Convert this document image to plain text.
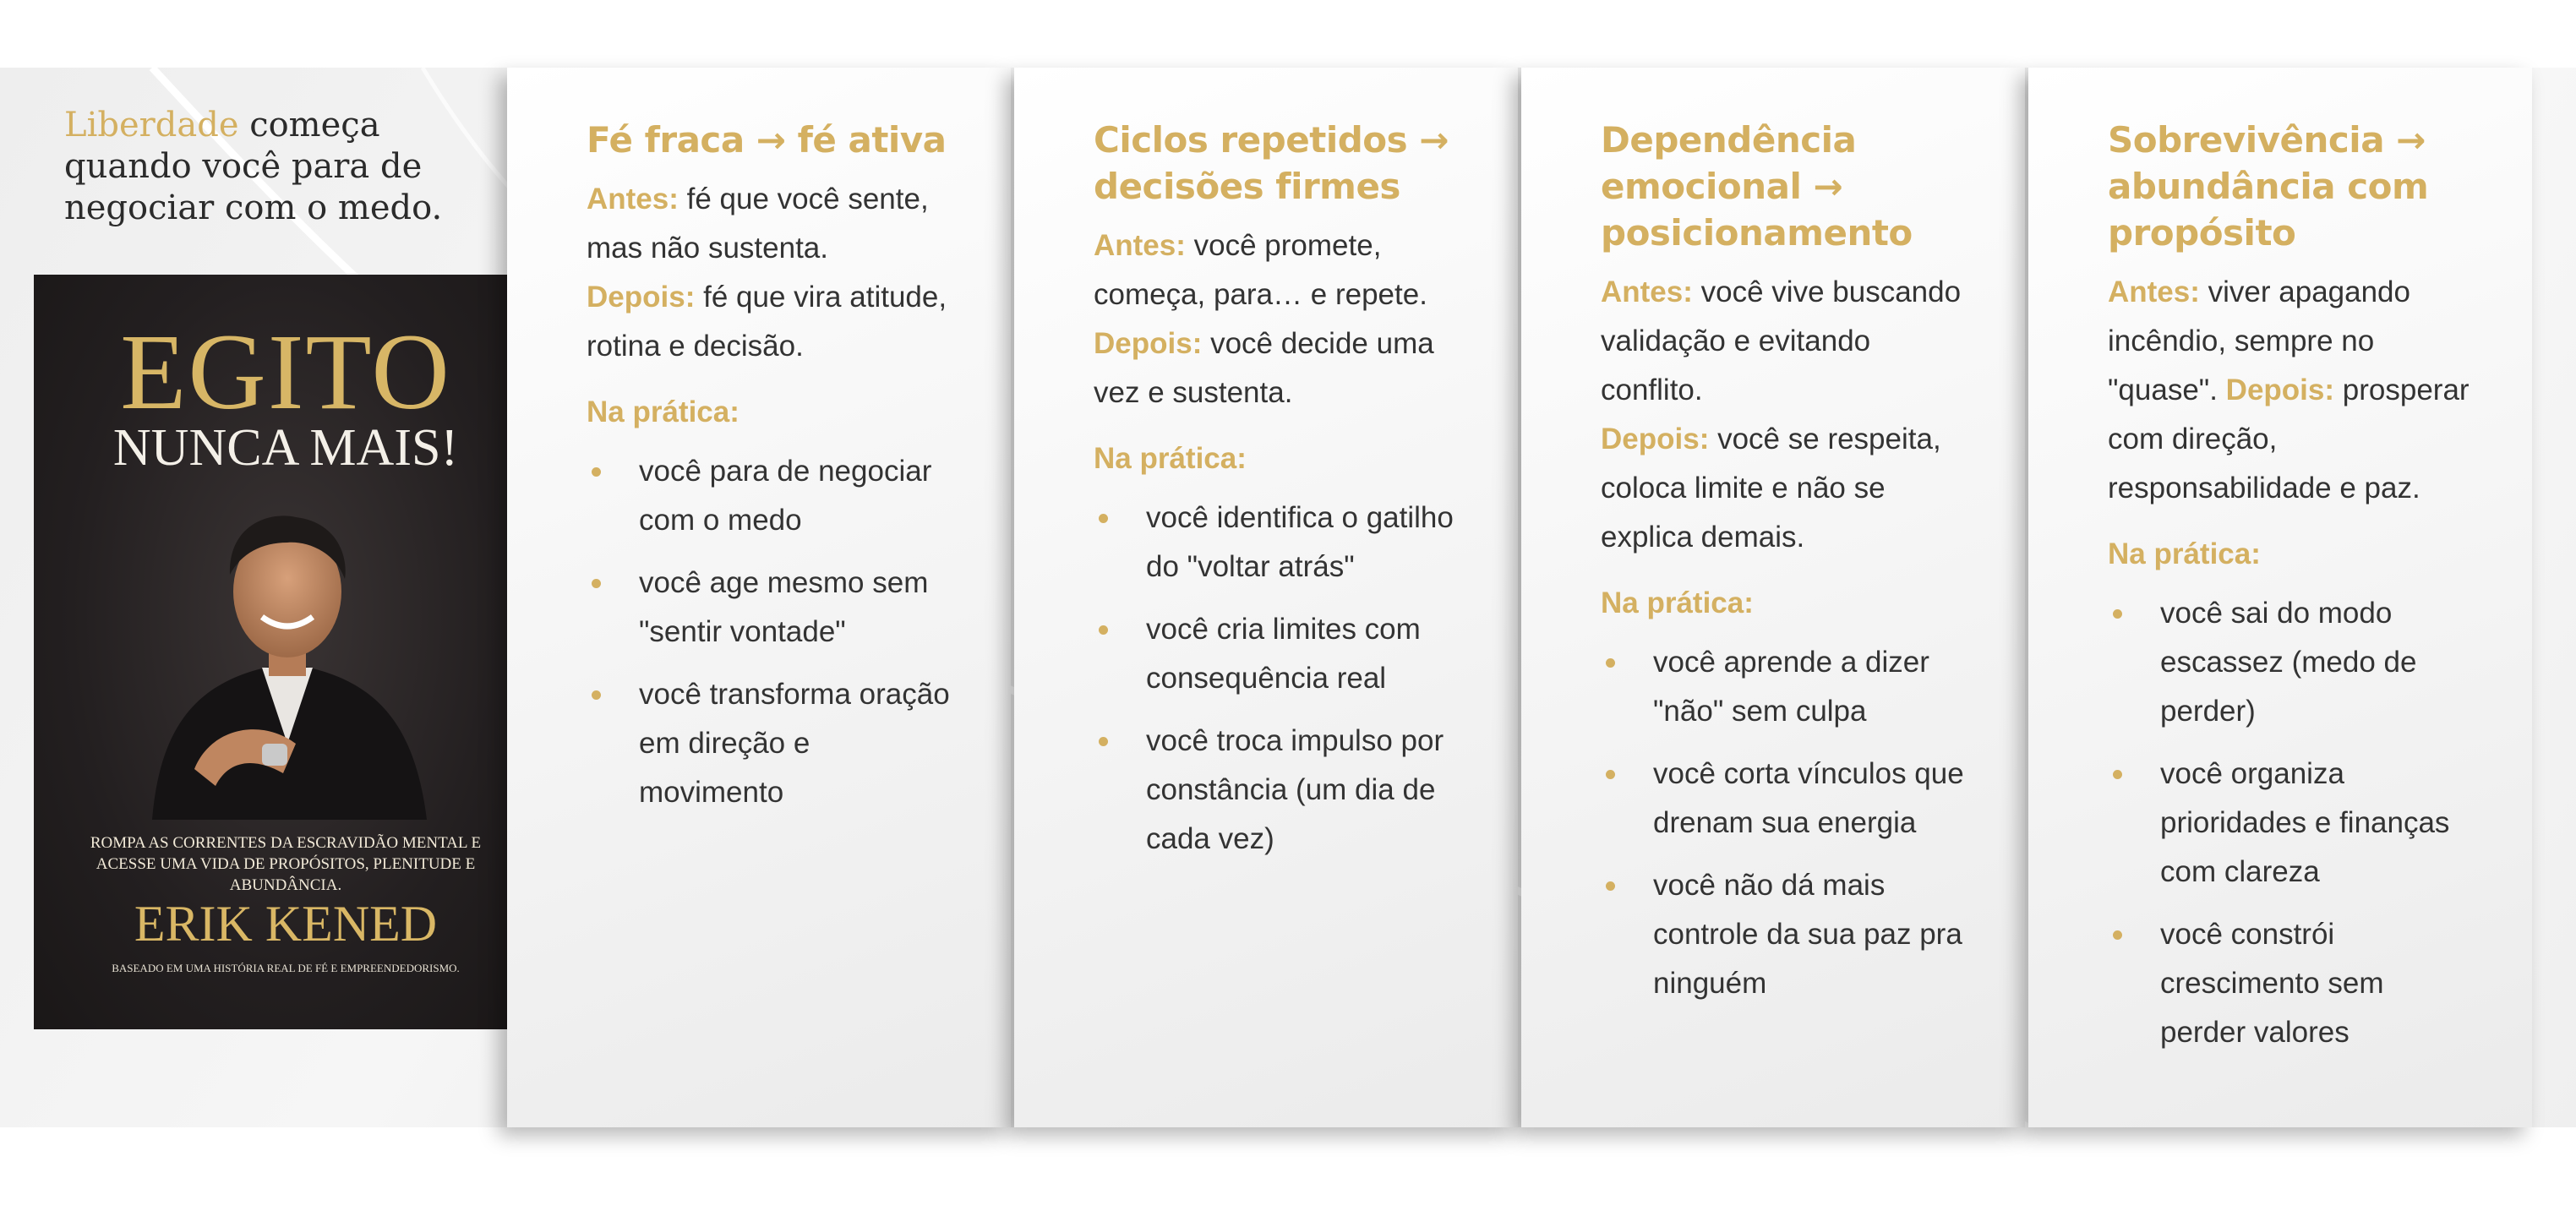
Liberdade começa
quando você para de
negociar com o medo.
EGITO
NUNCA MAIS!
ROMPA AS CORRENTES DA ESCRAVIDÃO MENTAL E ACESSE UMA VIDA DE PROPÓSITOS, PLENITUDE E ABUNDÂNCIA.
ERIK KENED
BASEADO EM UMA HISTÓRIA REAL DE FÉ E EMPREENDEDORISMO.
Fé fraca → fé ativa

Antes: fé que você sente, mas não sustenta.
Depois: fé que vira atitude, rotina e decisão.

Na prática:
você para de negociar com o medo
você age mesmo sem "sentir vontade"
você transforma oração em direção e movimento
Ciclos repetidos → decisões firmes

Antes: você promete, começa, para… e repete.
Depois: você decide uma vez e sustenta.

Na prática:
você identifica o gatilho do "voltar atrás"
você cria limites com consequência real
você troca impulso por constância (um dia de cada vez)
Dependência emocional → posicionamento

Antes: você vive buscando validação e evitando conflito.
Depois: você se respeita, coloca limite e não se explica demais.

Na prática:
você aprende a dizer "não" sem culpa
você corta vínculos que drenam sua energia
você não dá mais controle da sua paz pra ninguém
Sobrevivência → abundância com propósito

Antes: viver apagando incêndio, sempre no "quase". Depois: prosperar com direção, responsabilidade e paz.

Na prática:
você sai do modo escassez (medo de perder)
você organiza prioridades e finanças com clareza
você constrói crescimento sem perder valores
